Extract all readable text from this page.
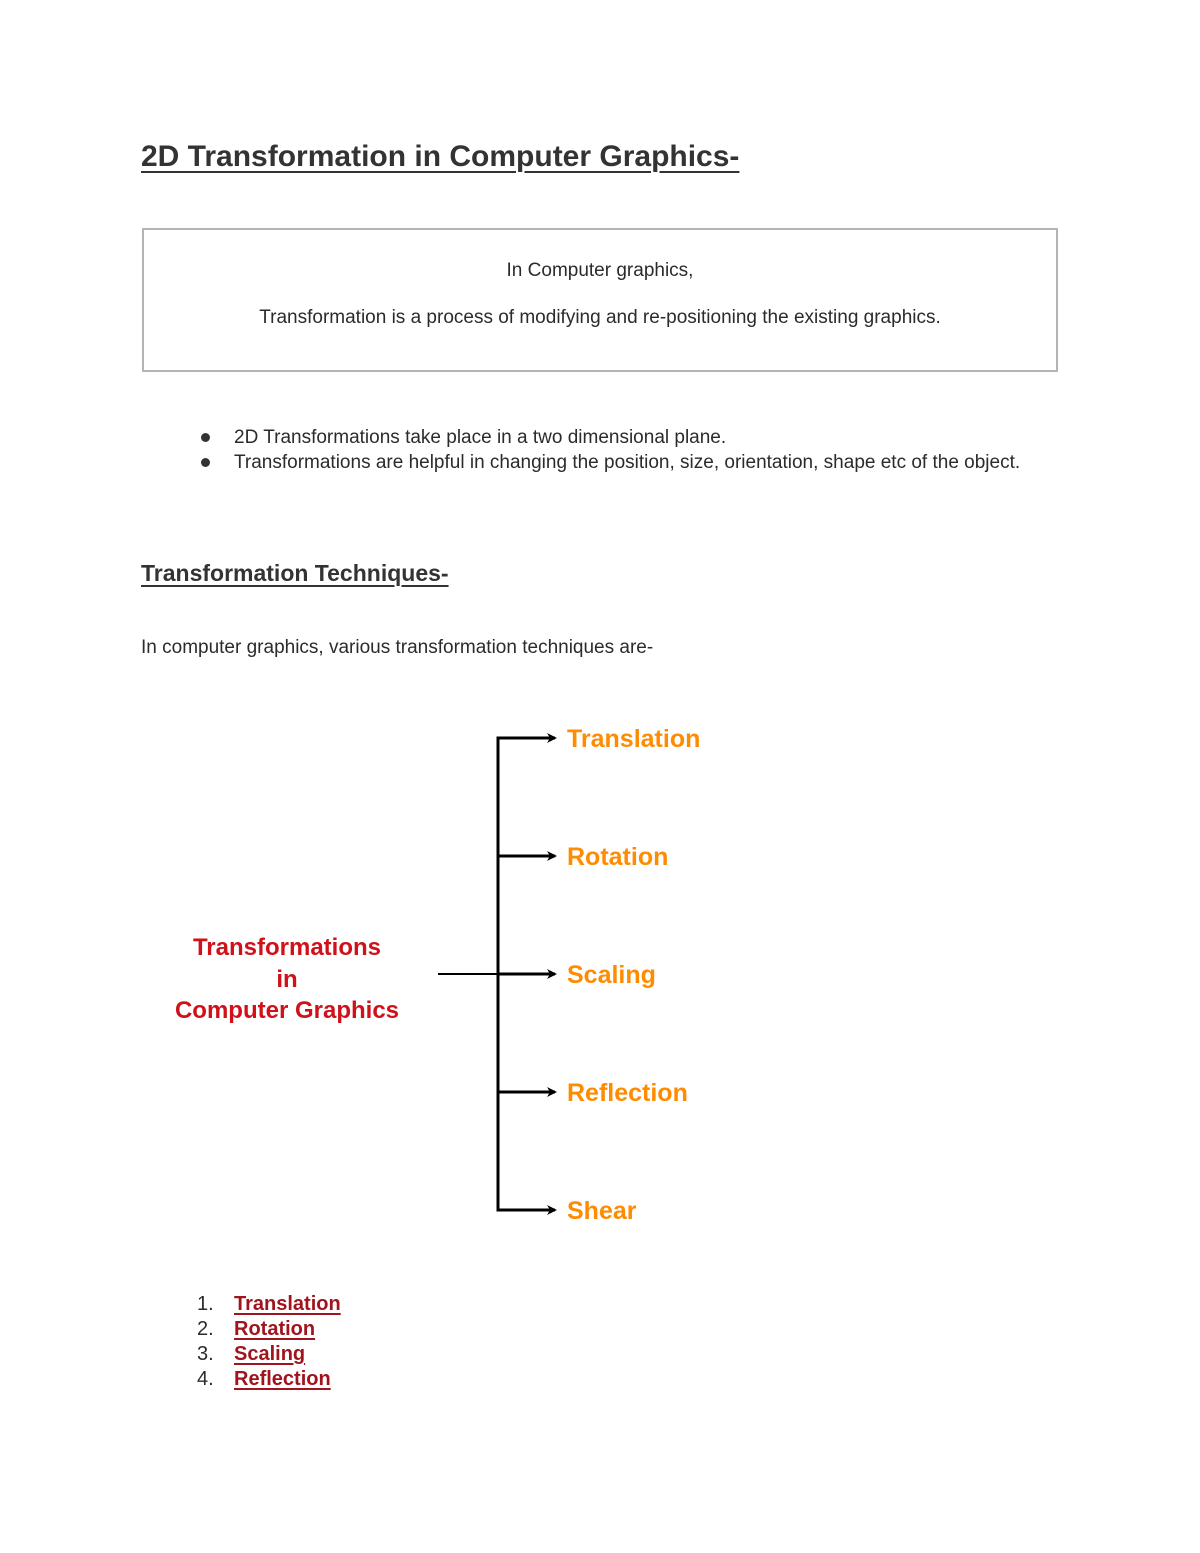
2D Transformation in Computer Graphics-
In Computer graphics,
Transformation is a process of modifying and re-positioning the existing graphics.
2D Transformations take place in a two dimensional plane.
Transformations are helpful in changing the position, size, orientation, shape etc of the object.
Transformation Techniques-
In computer graphics, various transformation techniques are-
Transformations
in
Computer Graphics
Translation
Rotation
Scaling
Reflection
Shear
1. Translation
2. Rotation
3. Scaling
4. Reflection
